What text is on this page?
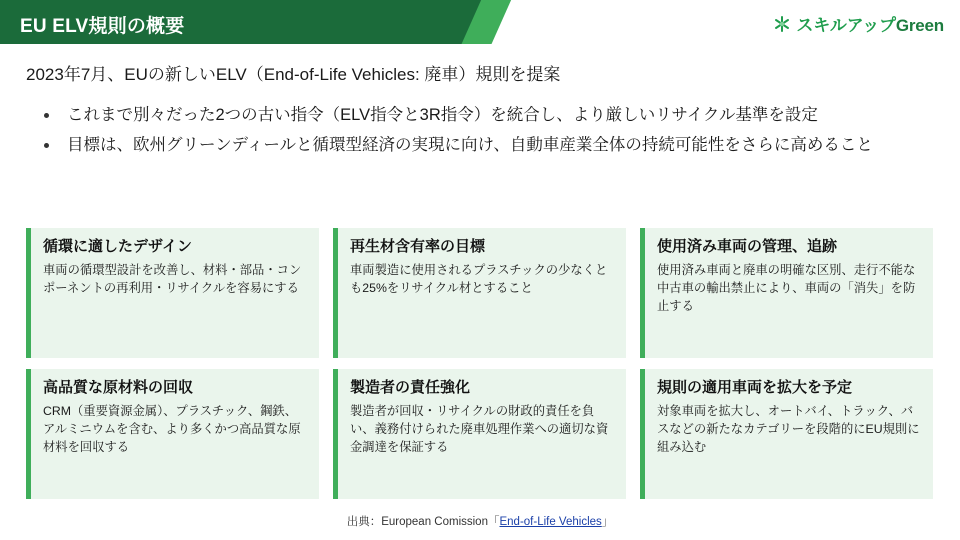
EU ELV規則の概要	スキルアップGreen
2023年7月、EUの新しいELV（End-of-Life Vehicles: 廃車）規則を提案
これまで別々だった2つの古い指令（ELV指令と3R指令）を統合し、より厳しいリサイクル基準を設定
目標は、欧州グリーンディールと循環型経済の実現に向け、自動車産業全体の持続可能性をさらに高めること
循環に適したデザイン
車両の循環型設計を改善し、材料・部品・コンポーネントの再利用・リサイクルを容易にする
再生材含有率の目標
車両製造に使用されるプラスチックの少なくとも25%をリサイクル材とすること
使用済み車両の管理、追跡
使用済み車両と廃車の明確な区別、走行不能な中古車の輸出禁止により、車両の「消失」を防止する
高品質な原材料の回収
CRM（重要資源金属）、プラスチック、鋼鉄、アルミニウムを含む、より多くかつ高品質な原材料を回収する
製造者の責任強化
製造者が回収・リサイクルの財政的責任を負い、義務付けられた廃車処理作業への適切な資金調達を保証する
規則の適用車両を拡大を予定
対象車両を拡大し、オートバイ、トラック、バスなどの新たなカテゴリーを段階的にEU規則に組み込む
出典：European Comission「End-of-Life Vehicles」
